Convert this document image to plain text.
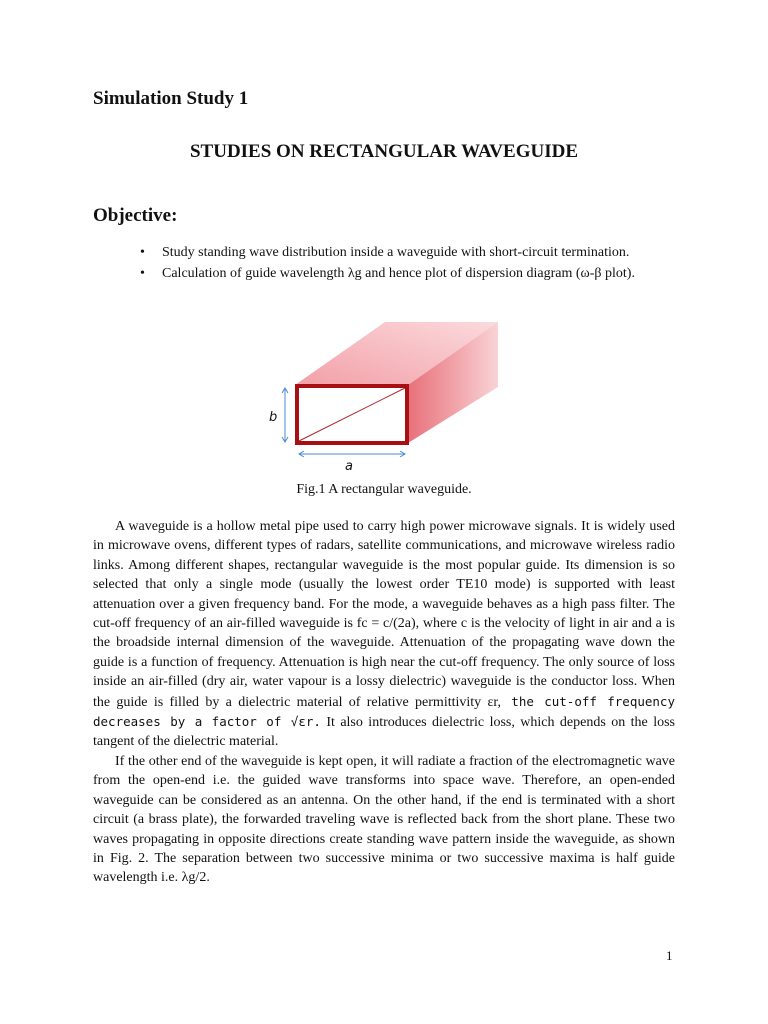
Simulation Study 1
STUDIES ON RECTANGULAR WAVEGUIDE
Objective:
• Study standing wave distribution inside a waveguide with short-circuit termination.
• Calculation of guide wavelength λg and hence plot of dispersion diagram (ω-β plot).
b
a

Fig.1 A rectangular waveguide.

A waveguide is a hollow metal pipe used to carry high power microwave signals. It is widely used in microwave ovens, different types of radars, satellite communications, and microwave wireless radio links. Among different shapes, rectangular waveguide is the most popular guide. Its dimension is so selected that only a single mode (usually the lowest order TE10 mode) is supported with least attenuation over a given frequency band. For the mode, a waveguide behaves as a high pass filter. The cut-off frequency of an air-filled waveguide is fc = c/(2a), where c is the velocity of light in air and a is the broadside internal dimension of the waveguide. Attenuation of the propagating wave down the guide is a function of frequency. Attenuation is high near the cut-off frequency. The only source of loss inside an air-filled (dry air, water vapour is a lossy dielectric) waveguide is the conductor loss. When the guide is filled by a dielectric material of relative permittivity εr, the cut-off frequency decreases by a factor of √εr. It also introduces dielectric loss, which depends on the loss tangent of the dielectric material.

If the other end of the waveguide is kept open, it will radiate a fraction of the electromagnetic wave from the open-end i.e. the guided wave transforms into space wave. Therefore, an open-ended waveguide can be considered as an antenna. On the other hand, if the end is terminated with a short circuit (a brass plate), the forwarded traveling wave is reflected back from the short plane. These two waves propagating in opposite directions create standing wave pattern inside the waveguide, as shown in Fig. 2. The separation between two successive minima or two successive maxima is half guide wavelength i.e. λg/2.

1
